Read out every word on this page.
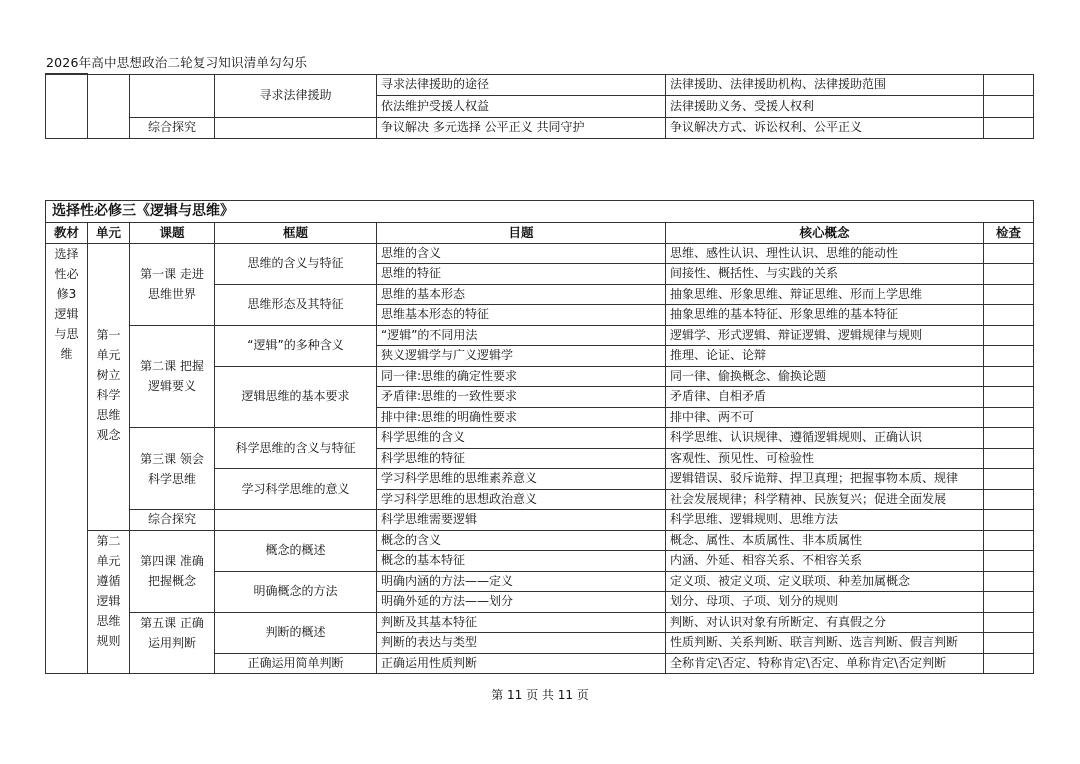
2026年高中思想政治二轮复习知识清单勾勾乐
			寻求法律援助	寻求法律援助的途径	法律援助、法律援助机构、法律援助范围	
				依法维护受援人权益	法律援助义务、受援人权利	
		综合探究		争议解决 多元选择 公平正义 共同守护	争议解决方式、诉讼权利、公平正义	
选择性必修三《逻辑与思维》						
教材	单元	课题	框题	目题	核心概念	检查
选择性必修3逻辑与思维		第一课 走进思维世界	思维的含义与特征	思维的含义	思维、感性认识、理性认识、思维的能动性	
				思维的特征	间接性、概括性、与实践的关系	
			思维形态及其特征	思维的基本形态	抽象思维、形象思维、辩证思维、形而上学思维	
				思维基本形态的特征	抽象思维的基本特征、形象思维的基本特征	
	第一单元树立科学思维观念	第二课 把握逻辑要义	“逻辑”的多种含义	“逻辑”的不同用法	逻辑学、形式逻辑、辩证逻辑、逻辑规律与规则	
				狭义逻辑学与广义逻辑学	推理、论证、论辩	
			逻辑思维的基本要求	同一律:思维的确定性要求	同一律、偷换概念、偷换论题	
				矛盾律:思维的一致性要求	矛盾律、自相矛盾	
				排中律:思维的明确性要求	排中律、两不可	
		第三课 领会科学思维	科学思维的含义与特征	科学思维的含义	科学思维、认识规律、遵循逻辑规则、正确认识	
				科学思维的特征	客观性、预见性、可检验性	
			学习科学思维的意义	学习科学思维的思维素养意义	逻辑错误、驳斥诡辩、捍卫真理；把握事物本质、规律	
				学习科学思维的思想政治意义	社会发展规律；科学精神、民族复兴；促进全面发展	
		综合探究		科学思维需要逻辑	科学思维、逻辑规则、思维方法	
	第二单元遵循逻辑思维规则	第四课 准确把握概念	概念的概述	概念的含义	概念、属性、本质属性、非本质属性	
				概念的基本特征	内涵、外延、相容关系、不相容关系	
			明确概念的方法	明确内涵的方法——定义	定义项、被定义项、定义联项、种差加属概念	
				明确外延的方法——划分	划分、母项、子项、划分的规则	
		第五课 正确运用判断	判断的概述	判断及其基本特征	判断、对认识对象有所断定、有真假之分	
				判断的表达与类型	性质判断、关系判断、联言判断、选言判断、假言判断	
			正确运用简单判断	正确运用性质判断	全称肯定\否定、特称肯定\否定、单称肯定\否定判断	
第 11 页 共 11 页
